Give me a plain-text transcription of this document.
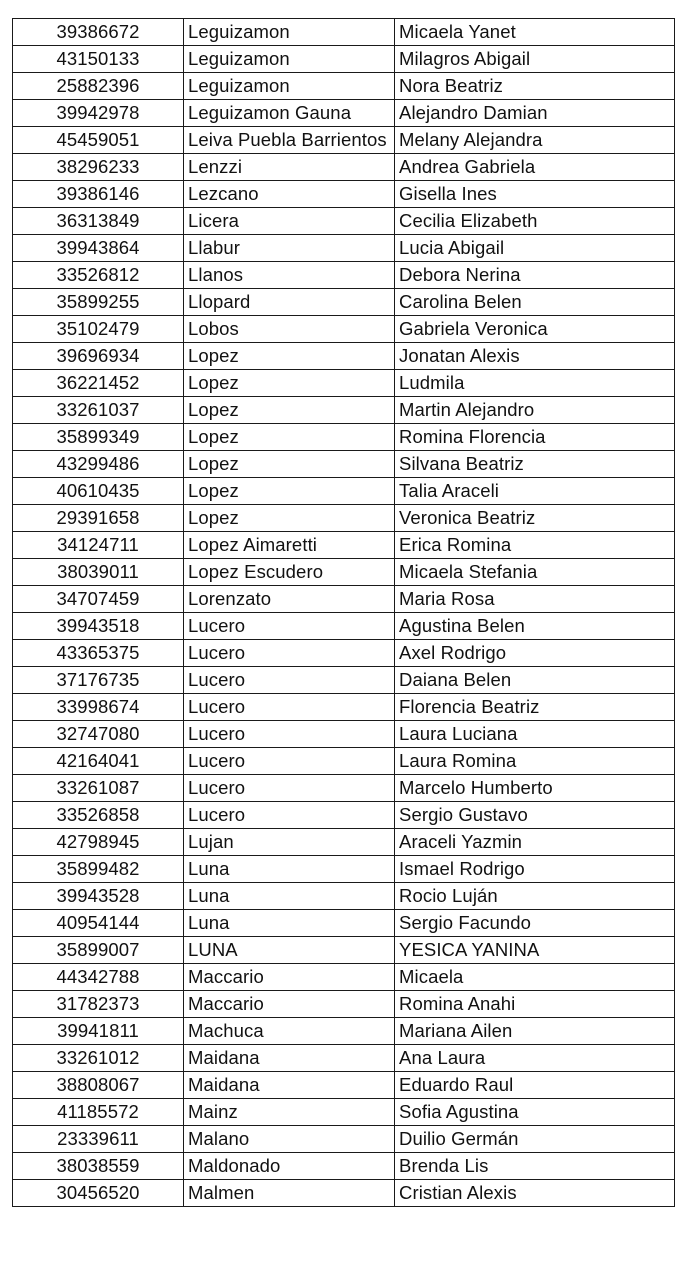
39386672	Leguizamon	Micaela Yanet
43150133	Leguizamon	Milagros Abigail
25882396	Leguizamon	Nora Beatriz
39942978	Leguizamon Gauna	Alejandro Damian
45459051	Leiva Puebla Barrientos	Melany Alejandra
38296233	Lenzzi	Andrea Gabriela
39386146	Lezcano	Gisella Ines
36313849	Licera	Cecilia Elizabeth
39943864	Llabur	Lucia Abigail
33526812	Llanos	Debora Nerina
35899255	Llopard	Carolina Belen
35102479	Lobos	Gabriela Veronica
39696934	Lopez	Jonatan Alexis
36221452	Lopez	Ludmila
33261037	Lopez	Martin Alejandro
35899349	Lopez	Romina Florencia
43299486	Lopez	Silvana Beatriz
40610435	Lopez	Talia Araceli
29391658	Lopez	Veronica Beatriz
34124711	Lopez Aimaretti	Erica Romina
38039011	Lopez Escudero	Micaela Stefania
34707459	Lorenzato	Maria Rosa
39943518	Lucero	Agustina Belen
43365375	Lucero	Axel Rodrigo
37176735	Lucero	Daiana Belen
33998674	Lucero	Florencia Beatriz
32747080	Lucero	Laura Luciana
42164041	Lucero	Laura Romina
33261087	Lucero	Marcelo Humberto
33526858	Lucero	Sergio Gustavo
42798945	Lujan	Araceli Yazmin
35899482	Luna	Ismael Rodrigo
39943528	Luna	Rocio Luján
40954144	Luna	Sergio Facundo
35899007	LUNA	YESICA YANINA
44342788	Maccario	Micaela
31782373	Maccario	Romina Anahi
39941811	Machuca	Mariana Ailen
33261012	Maidana	Ana Laura
38808067	Maidana	Eduardo Raul
41185572	Mainz	Sofia Agustina
23339611	Malano	Duilio Germán
38038559	Maldonado	Brenda Lis
30456520	Malmen	Cristian Alexis
